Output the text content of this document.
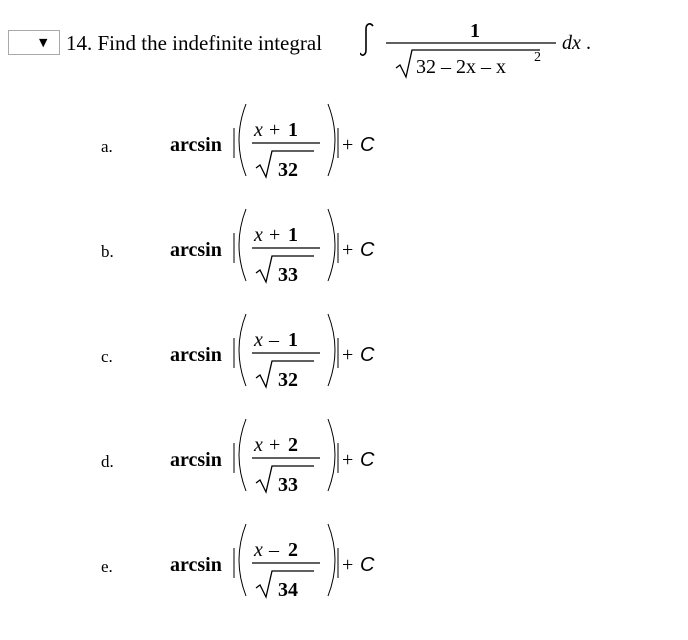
▼ 14. Find the indefinite integral	1
32 – 2x – x 2
dx .
a.	arcsin
x + 1
32
+ C
b.	arcsin
x + 1
33
+ C
c.	arcsin
x – 1
32
+ C
d.	arcsin
x + 2
33
+ C
e.	arcsin
x – 2
34
+ C
